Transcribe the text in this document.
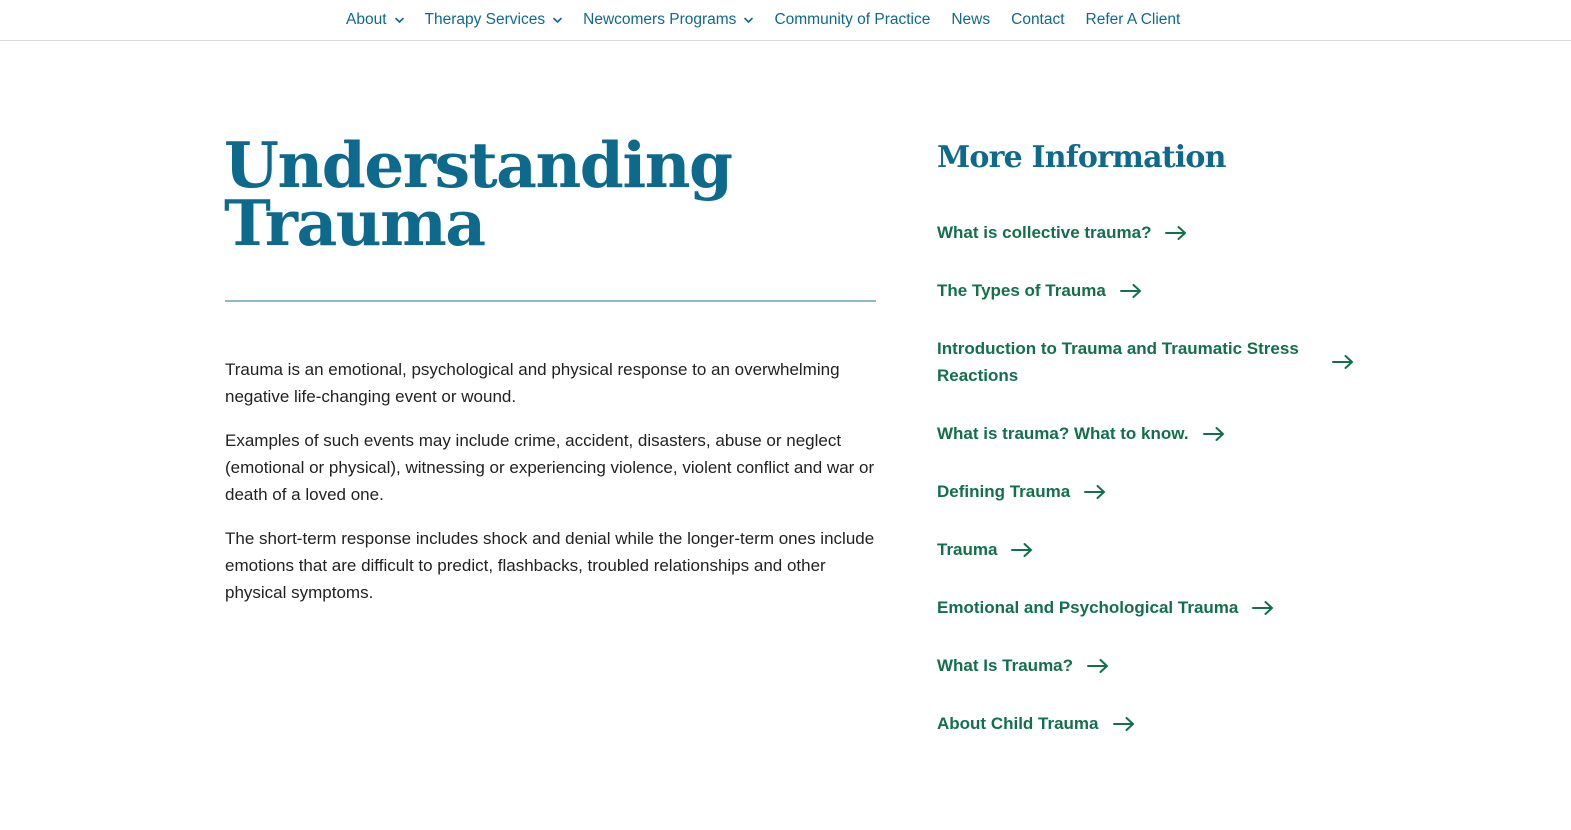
About Therapy Services Newcomers Programs Community of Practice News Contact Refer A Client
Understanding
Trauma

Trauma is an emotional, psychological and physical response to an overwhelming negative life-changing event or wound.

Examples of such events may include crime, accident, disasters, abuse or neglect (emotional or physical), witnessing or experiencing violence, violent conflict and war or death of a loved one.

The short-term response includes shock and denial while the longer-term ones include emotions that are difficult to predict, flashbacks, troubled relationships and other physical symptoms.

More Information
What is collective trauma?
The Types of Trauma
Introduction to Trauma and Traumatic Stress Reactions
What is trauma? What to know.
Defining Trauma
Trauma
Emotional and Psychological Trauma
What Is Trauma?
About Child Trauma
